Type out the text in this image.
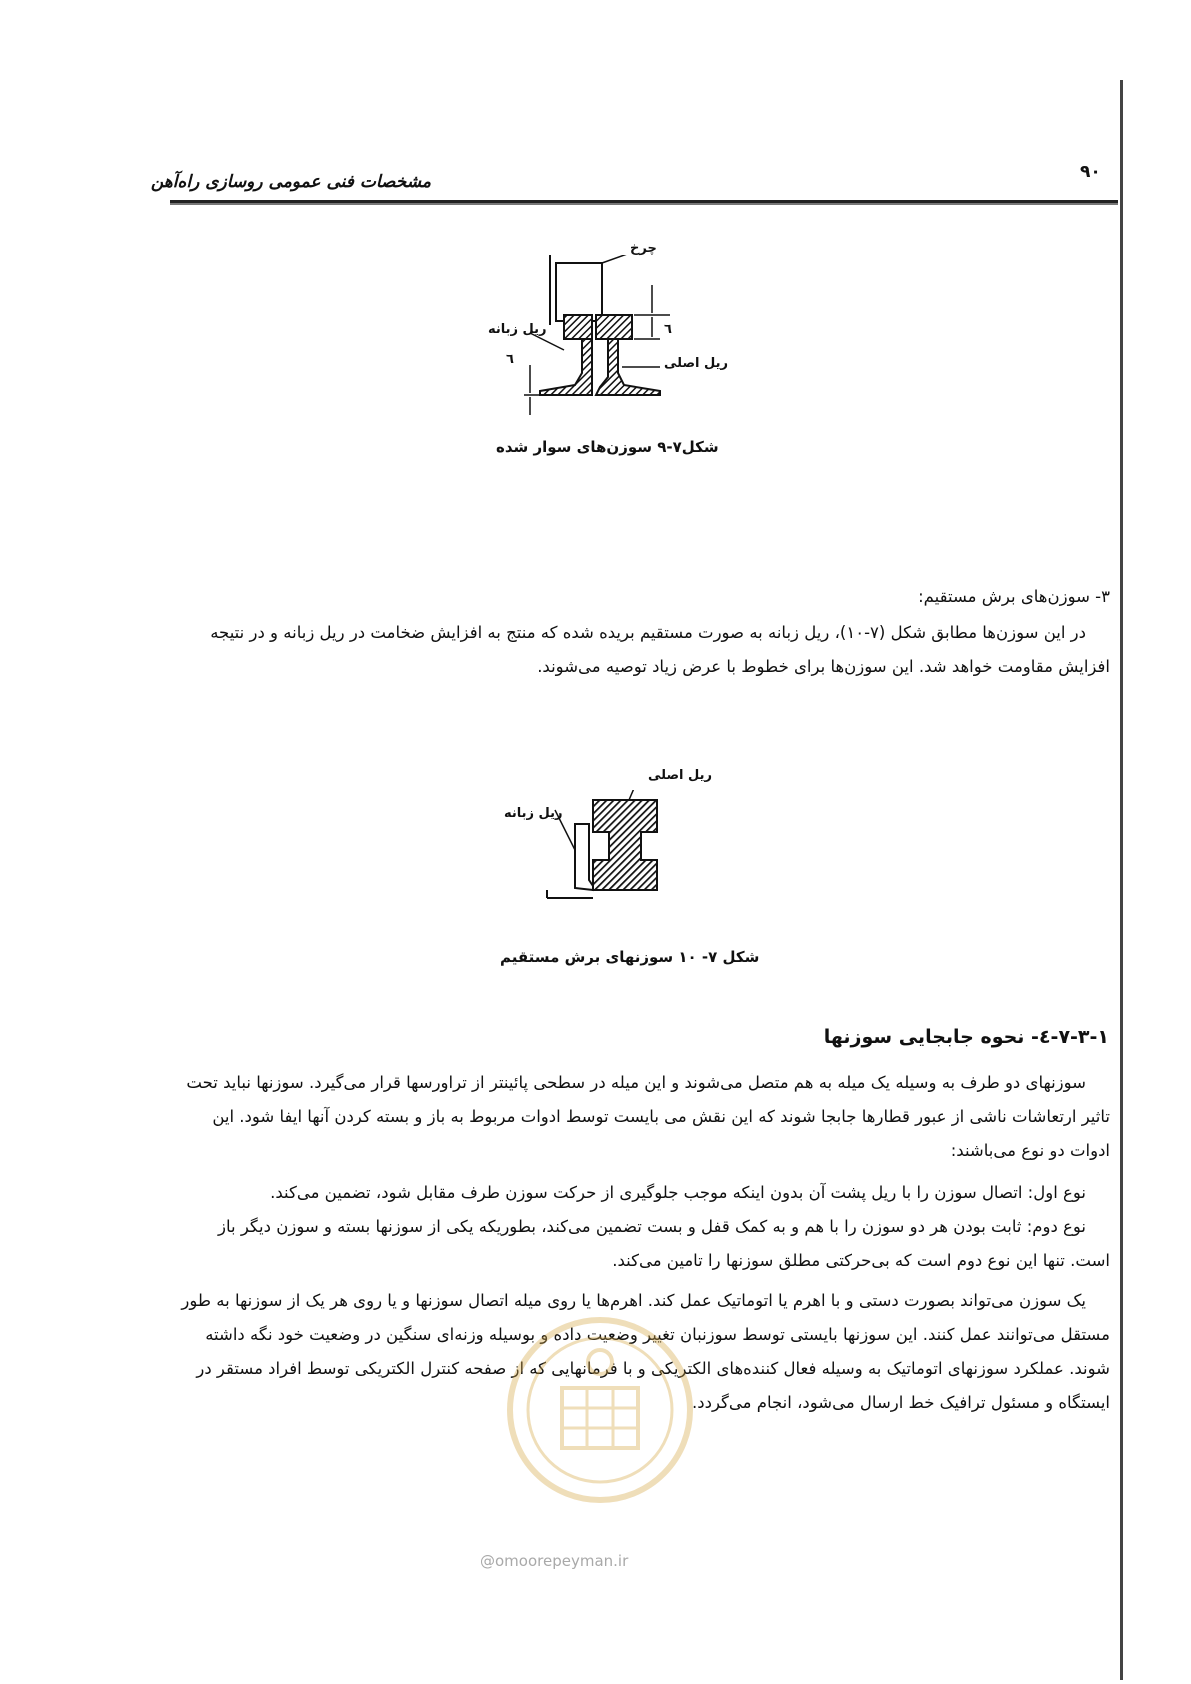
۹۰
مشخصات فنی عمومی روسازی راه‌آهن
چرخ
ریل زبانه
ریل اصلی
٦
٦
شکل۷-۹ سوزن‌های سوار شده

۳- سوزن‌های برش مستقیم:

در این سوزن‌ها مطابق شکل (۷-۱۰)، ریل زبانه به صورت مستقیم بریده شده که منتج به افزایش ضخامت در ریل زبانه و در نتیجه افزایش مقاومت خواهد شد. این سوزن‌ها برای خطوط با عرض زیاد توصیه می‌شوند.

ریل اصلی
ریل زبانه
شکل ۷- ۱۰ سوزنهای برش مستقیم
۷-۳-۱-٤- نحوه جابجایی سوزنها

سوزنهای دو طرف به وسیله یک میله به هم متصل می‌شوند و این میله در سطحی پائینتر از تراورسها قرار می‌گیرد. سوزنها نباید تحت تاثیر ارتعاشات ناشی از عبور قطارها جابجا شوند که این نقش می بایست توسط ادوات مربوط به باز و بسته کردن آنها ایفا شود. این ادوات دو نوع می‌باشند:

نوع اول: اتصال سوزن را با ریل پشت آن بدون اینکه موجب جلوگیری از حرکت سوزن طرف مقابل شود، تضمین می‌کند.

نوع دوم: ثابت بودن هر دو سوزن را با هم و به کمک قفل و بست تضمین می‌کند، بطوریکه یکی از سوزنها بسته و سوزن دیگر باز است. تنها این نوع دوم است که بی‌حرکتی مطلق سوزنها را تامین می‌کند.

یک سوزن می‌تواند بصورت دستی و با اهرم یا اتوماتیک عمل کند. اهرم‌ها یا روی میله اتصال سوزنها و یا روی هر یک از سوزنها به طور مستقل می‌توانند عمل کنند. این سوزنها بایستی توسط سوزنبان تغییر وضعیت داده و بوسیله وزنه‌ای سنگین در وضعیت خود نگه داشته شوند. عملکرد سوزنهای اتوماتیک به وسیله فعال کننده‌های الکتریکی و با فرمانهایی که از صفحه کنترل الکتریکی توسط افراد مستقر در ایستگاه و مسئول ترافیک خط ارسال می‌شود، انجام می‌گردد.

@omoorepeyman.ir
